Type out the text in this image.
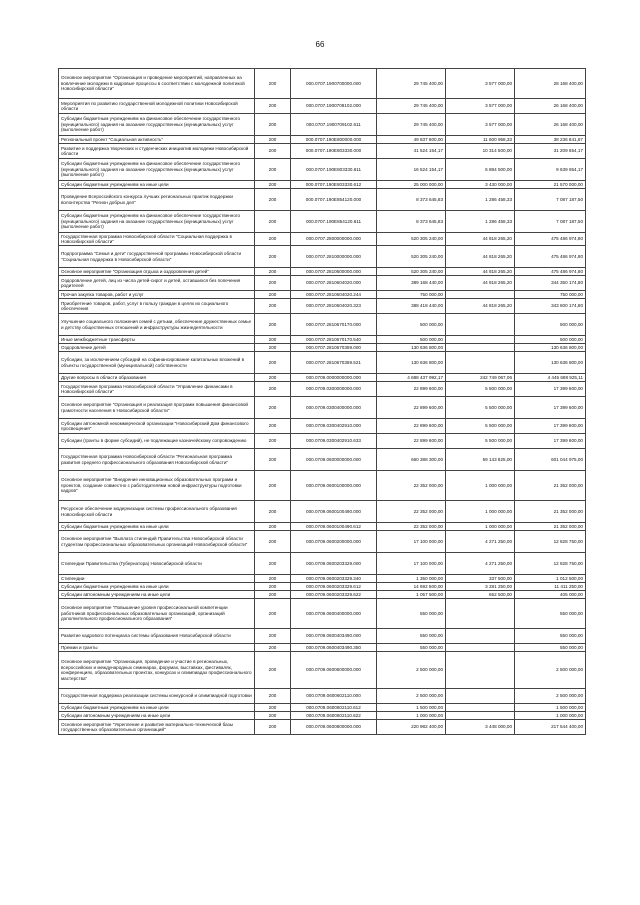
66
Основное мероприятие "Организация и проведение мероприятий, направленных на вовлечение молодежи в кадровые процессы в соответствии с молодежной политикой Новосибирской области"	200	000.0707.1900700000.000	29 745 400,00	3 577 000,00	28 168 400,00
Мероприятия по развитию государственной молодежной политики Новосибирской области	200	000.0707.1900709102.000	29 745 400,00	3 577 000,00	26 168 400,00
Субсидии бюджетным учреждениям на финансовое обеспечение государственного (муниципального) задания на оказание государственных (муниципальных) услуг (выполнение работ)	200	000.0707.1900709102.611	29 745 400,00	3 577 000,00	26 168 400,00
Региональный проект "Социальная активность"	200	000.0707.190E800000.000	49 837 800,00	11 600 958,33	38 236 841,67
Развитие и поддержка творческих и студенческих инициатив молодежи Новосибирской области	200	000.0707.190E803330.000	41 524 154,17	10 314 500,00	31 209 654,17
Субсидии бюджетным учреждениям на финансовое обеспечение государственного (муниципального) задания на оказание государственных (муниципальных) услуг (выполнение работ)	200	000.0707.190E803330.611	16 524 154,17	6 884 500,00	9 639 654,17
Субсидии бюджетным учреждениям на иные цели	200	000.0707.190E803330.612	25 000 000,00	3 430 000,00	21 570 000,00
Проведение Всероссийского конкурса лучших региональных практик поддержки волонтерства "Регион добрых дел"	200	000.0707.190E854120.000	8 373 645,83	1 286 458,33	7 087 187,50
Субсидии бюджетным учреждениям на финансовое обеспечение государственного (муниципального) задания на оказание государственных (муниципальных) услуг (выполнение работ)	200	000.0707.190E854120.611	8 373 645,83	1 286 458,33	7 087 187,50
Государственная программа Новосибирской области "Социальная поддержка в Новосибирской области"	200	000.0707.2800000000.000	520 305 240,00	44 818 265,20	475 486 974,80
Подпрограмма "Семья и дети" государственной программы Новосибирской области "Социальная поддержка в Новосибирской области"	200	000.0707.2810000000.000	520 305 240,00	44 818 265,20	475 486 974,80
Основное мероприятие "Организация отдыха и оздоровления детей"	200	000.0707.2810600000.000	520 305 240,00	44 818 265,20	475 486 974,80
Оздоровление детей, лиц из числа детей-сирот и детей, оставшихся без попечения родителей	200	000.0707.2810604020.000	389 168 440,00	44 818 265,20	344 350 174,80
Прочая закупка товаров, работ и услуг	200	000.0707.2810604020.244	750 000,00		750 000,00
Приобретение товаров, работ, услуг в пользу граждан в целях их социального обеспечения	200	000.0707.2810604020.323	388 418 440,00	44 818 265,20	343 600 174,80
Улучшение социального положения семей с детьми, обеспечение дружественных семье и детству общественных отношений и инфраструктуры жизнедеятельности	200	000.0707.2810670170.000	500 000,00		500 000,00
Иные межбюджетные трансферты	200	000.0707.2810670170.540	500 000,00		500 000,00
Оздоровление детей	200	000.0707.2810670359.000	130 636 800,00		130 636 800,00
Субсидии, за исключением субсидий на софинансирование капитальных вложений в объекты государственной (муниципальной) собственности	200	000.0707.2810670359.521	130 636 800,00		130 636 800,00
Другие вопросы в области образования	200	000.0709.0000000000.000	4 688 437 992,17	242 749 067,06	4 445 688 925,11
Государственная программа Новосибирской области "Управление финансами в Новосибирской области"	200	000.0709.0300000000.000	22 899 600,00	5 500 000,00	17 399 600,00
Основное мероприятие "Организация и реализация программ повышения финансовой грамотности населения в Новосибирской области"	200	000.0709.0300400000.000	22 899 600,00	5 500 000,00	17 399 600,00
Субсидии автономной некоммерческой организации "Новосибирский Дом финансового просвещения"	200	000.0709.0300402910.000	22 899 600,00	5 500 000,00	17 399 600,00
Субсидии (гранты в форме субсидий), не подлежащие казначейскому сопровождению	200	000.0709.0300402910.633	22 899 600,00	5 500 000,00	17 399 600,00
Государственная программа Новосибирской области "Региональная программа развития среднего профессионального образования Новосибирской области"	200	000.0709.0600000000.000	660 388 300,00	59 143 825,00	601 044 975,00
Основное мероприятие "Внедрение инновационных образовательных программ и проектов, создание совместно с работодателями новой инфраструктуры подготовки кадров"	200	000.0709.0600100000.000	22 352 000,00	1 000 000,00	21 352 000,00
Ресурсное обеспечение модернизации системы профессионального образования Новосибирской области	200	000.0709.0600100490.000	22 352 000,00	1 000 000,00	21 352 000,00
Субсидии бюджетным учреждениям на иные цели	200	000.0709.0600100490.612	22 352 000,00	1 000 000,00	21 352 000,00
Основное мероприятие "Выплата стипендий Правительства Новосибирской области студентам профессиональных образовательных организаций Новосибирской области"	200	000.0709.0600200000.000	17 100 000,00	4 271 250,00	12 828 750,00
Стипендии Правительства (Губернатора) Новосибирской области	200	000.0709.0600203329.000	17 100 000,00	4 271 250,00	12 828 750,00
Стипендии	200	000.0709.0600203329.340	1 350 000,00	337 500,00	1 012 500,00
Субсидии бюджетным учреждениям на иные цели	200	000.0709.0600203329.612	14 692 500,00	3 281 250,00	11 411 250,00
Субсидии автономным учреждениям на иные цели	200	000.0709.0600203329.622	1 057 500,00	652 500,00	405 000,00
Основное мероприятие "Повышение уровня профессиональной компетенции работников профессиональных образовательных организаций, организаций дополнительного профессионального образования"	200	000.0709.0600400000.000	550 000,00		550 000,00
Развитие кадрового потенциала системы образования Новосибирской области	200	000.0709.0600403490.000	550 000,00		550 000,00
Премии и гранты	200	000.0709.0600403490.350	550 000,00		550 000,00
Основное мероприятие "Организация, проведение и участие в региональных, всероссийских и международных семинарах, форумах, выставках, фестивалях, конференциях, образовательных проектах, конкурсах и олимпиадах профессионального мастерства"	200	000.0709.0600600000.000	2 500 000,00		2 500 000,00
Государственная поддержка реализации системы конкурсной и олимпиадной подготовки	200	000.0709.0600602110.000	2 500 000,00		2 500 000,00
Субсидии бюджетным учреждениям на иные цели	200	000.0709.0600602110.612	1 500 000,00		1 500 000,00
Субсидии автономным учреждениям на иные цели	200	000.0709.0600602110.622	1 000 000,00		1 000 000,00
Основное мероприятие "Укрепление и развитие материально-технической базы государственных образовательных организаций"	200	000.0709.0600800000.000	220 982 400,00	3 448 000,00	217 544 400,00
